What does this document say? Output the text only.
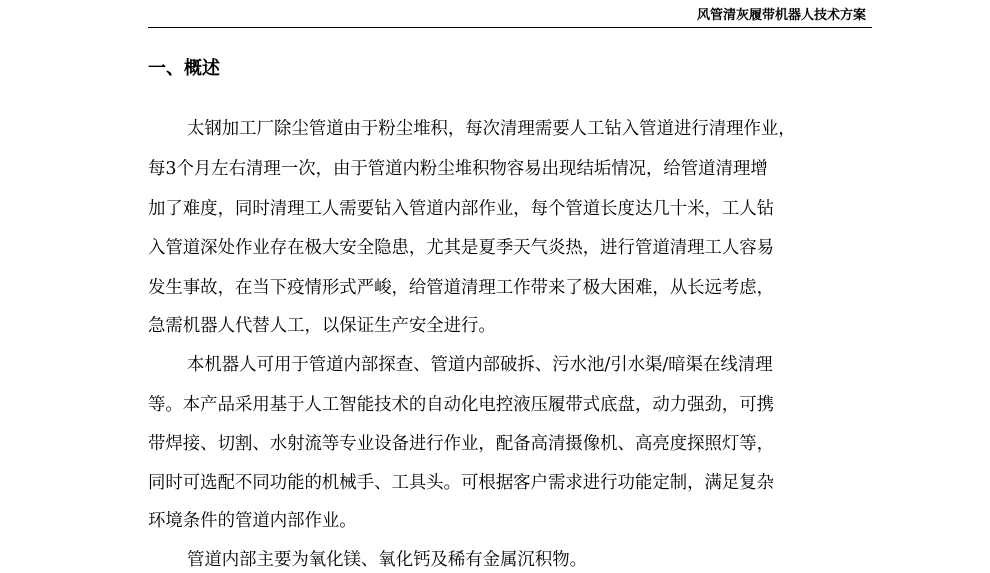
风管清灰履带机器人技术方案
一、概述
太钢加工厂除尘管道由于粉尘堆积，每次清理需要人工钻入管道进行清理作业，
每3个月左右清理一次，由于管道内粉尘堆积物容易出现结垢情况，给管道清理增
加了难度，同时清理工人需要钻入管道内部作业，每个管道长度达几十米，工人钻
入管道深处作业存在极大安全隐患，尤其是夏季天气炎热，进行管道清理工人容易
发生事故，在当下疫情形式严峻，给管道清理工作带来了极大困难，从长远考虑，
急需机器人代替人工，以保证生产安全进行。
本机器人可用于管道内部探查、管道内部破拆、污水池/引水渠/暗渠在线清理
等。本产品采用基于人工智能技术的自动化电控液压履带式底盘，动力强劲，可携
带焊接、切割、水射流等专业设备进行作业，配备高清摄像机、高亮度探照灯等，
同时可选配不同功能的机械手、工具头。可根据客户需求进行功能定制，满足复杂
环境条件的管道内部作业。
管道内部主要为氧化镁、氧化钙及稀有金属沉积物。
